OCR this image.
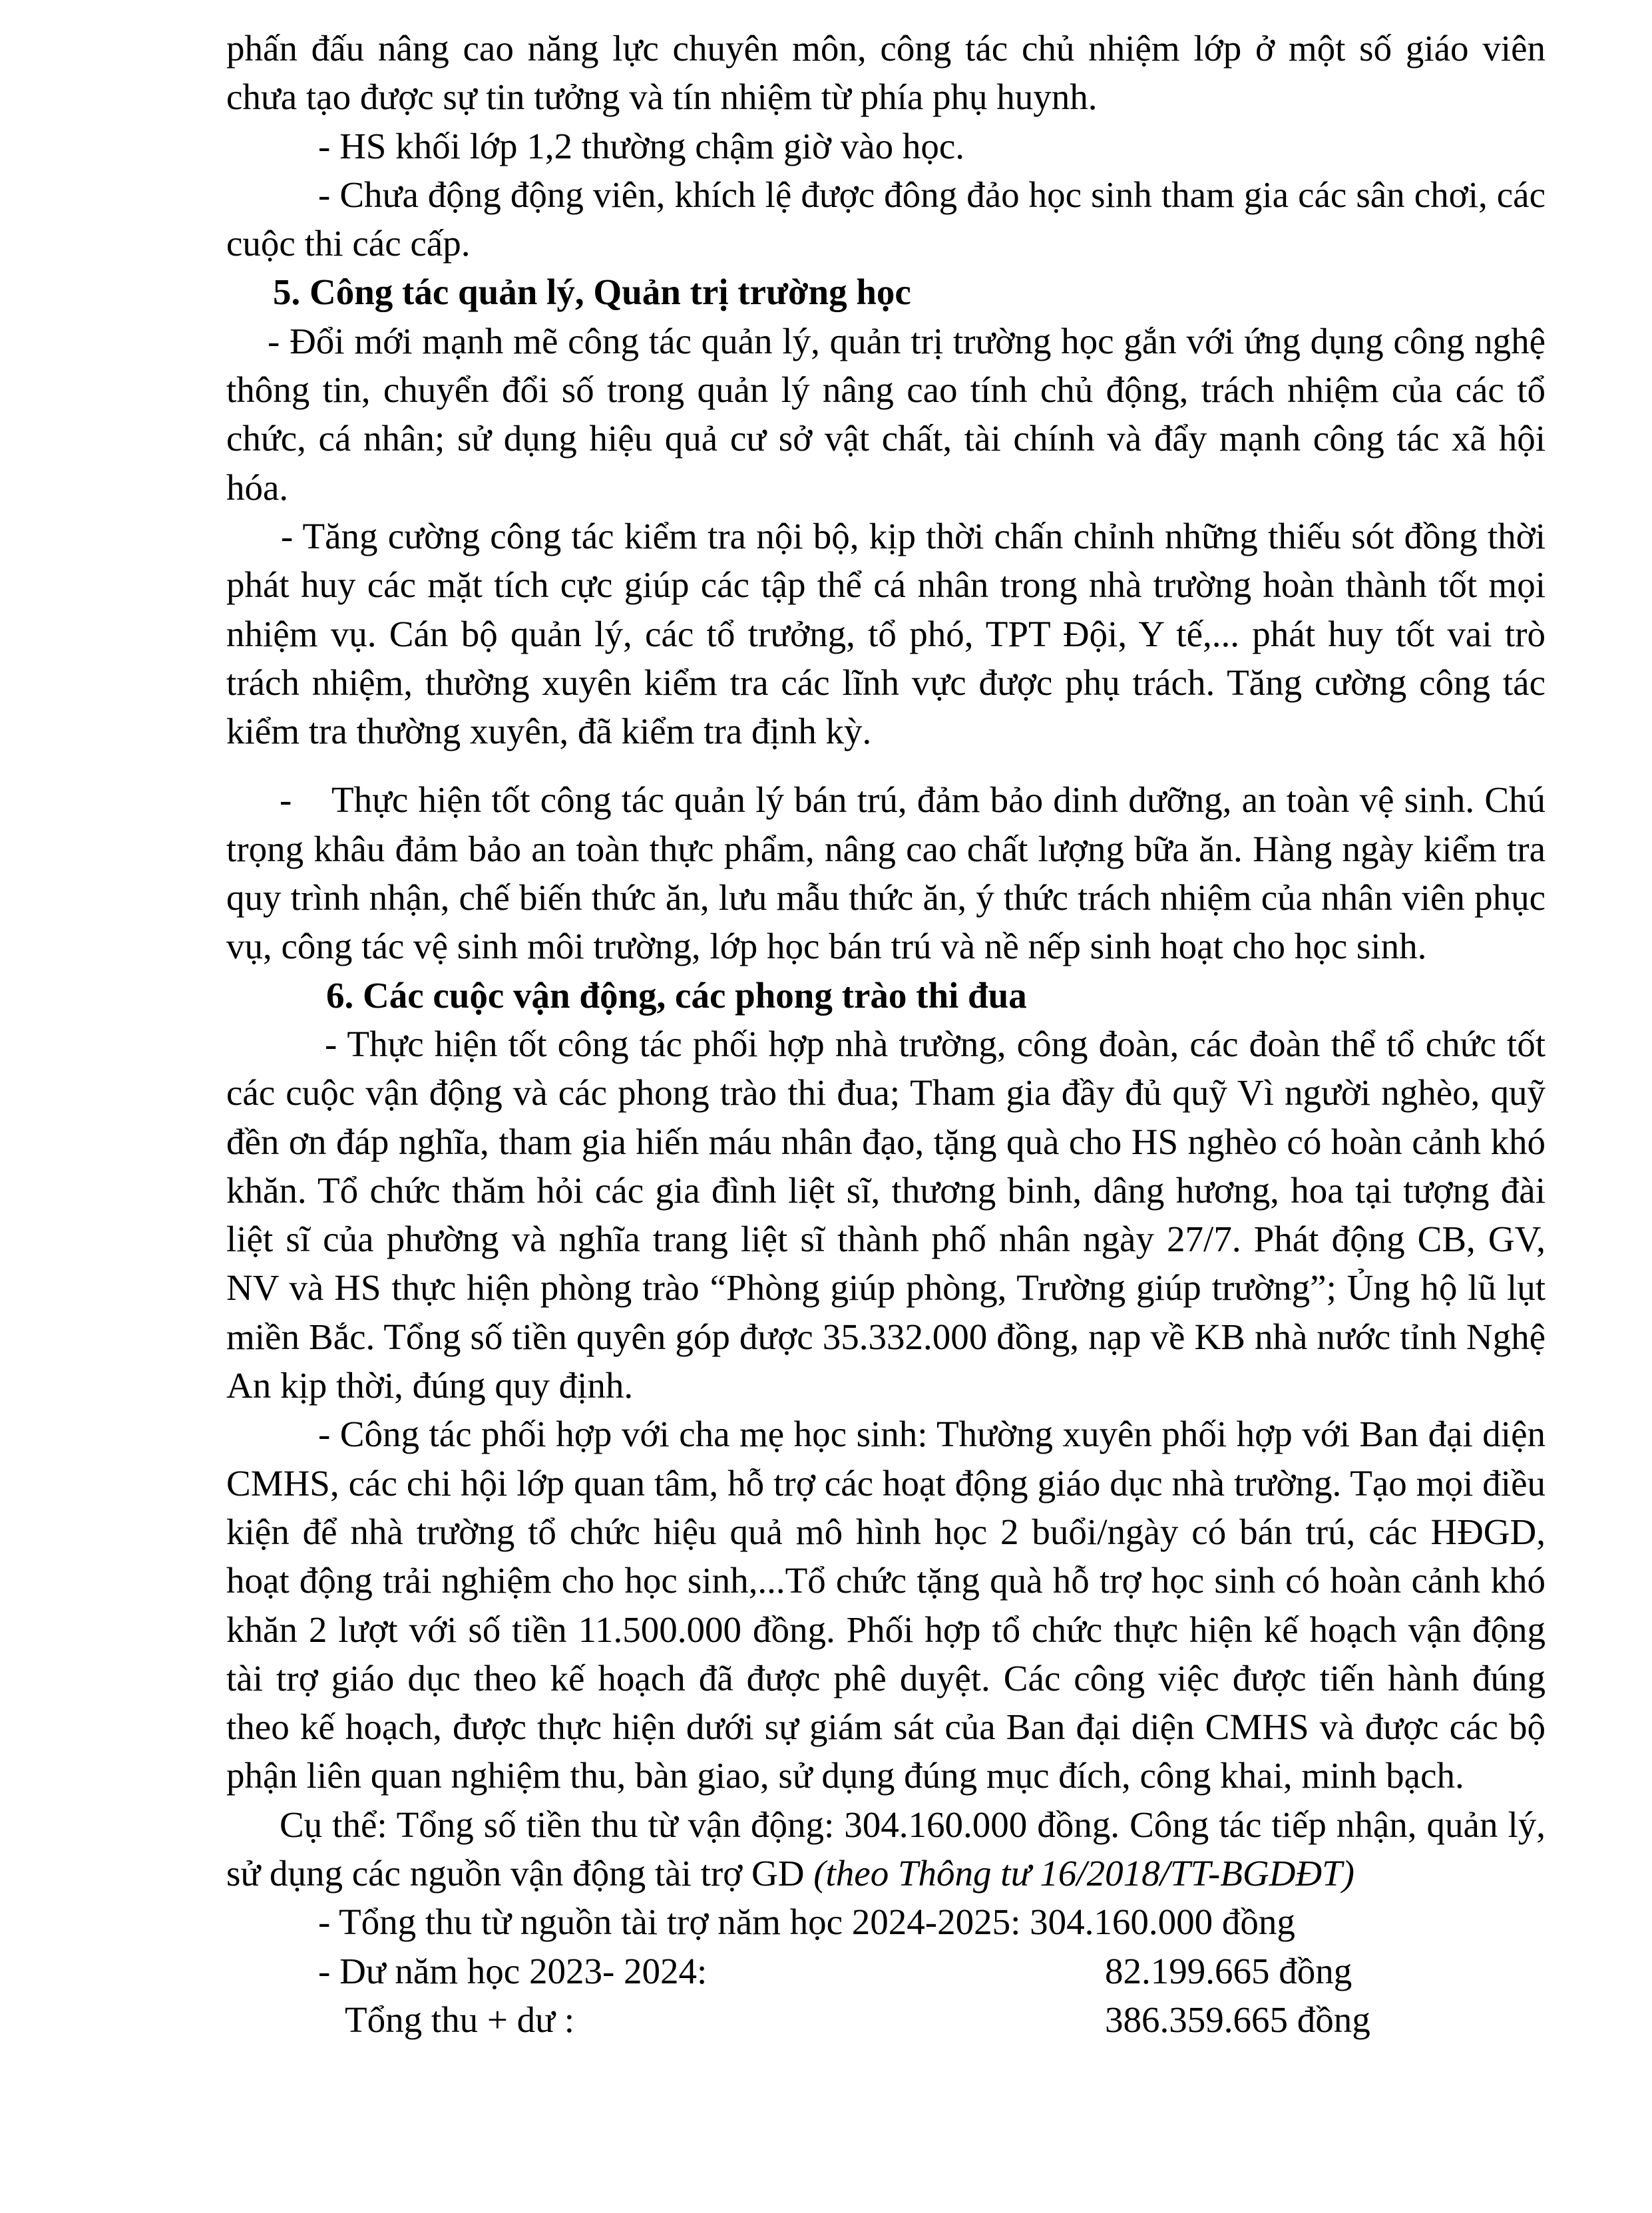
phấn đấu nâng cao năng lực chuyên môn, công tác chủ nhiệm lớp ở một số giáo viên chưa tạo được sự tin tưởng và tín nhiệm từ phía phụ huynh.

- HS khối lớp 1,2 thường chậm giờ vào học.

- Chưa động động viên, khích lệ được đông đảo học sinh tham gia các sân chơi, các cuộc thi các cấp.

5. Công tác quản lý, Quản trị trường học

- Đổi mới mạnh mẽ công tác quản lý, quản trị trường học gắn với ứng dụng công nghệ thông tin, chuyển đổi số trong quản lý nâng cao tính chủ động, trách nhiệm của các tổ chức, cá nhân; sử dụng hiệu quả cư sở vật chất, tài chính và đẩy mạnh công tác xã hội hóa.

- Tăng cường công tác kiểm tra nội bộ, kịp thời chấn chỉnh những thiếu sót đồng thời phát huy các mặt tích cực giúp các tập thể cá nhân trong nhà trường hoàn thành tốt mọi nhiệm vụ. Cán bộ quản lý, các tổ trưởng, tổ phó, TPT Đội, Y tế,... phát huy tốt vai trò trách nhiệm, thường xuyên kiểm tra các lĩnh vực được phụ trách. Tăng cường công tác kiểm tra thường xuyên, đã kiểm tra định kỳ.

- Thực hiện tốt công tác quản lý bán trú, đảm bảo dinh dưỡng, an toàn vệ sinh. Chú trọng khâu đảm bảo an toàn thực phẩm, nâng cao chất lượng bữa ăn. Hàng ngày kiểm tra quy trình nhận, chế biến thức ăn, lưu mẫu thức ăn, ý thức trách nhiệm của nhân viên phục vụ, công tác vệ sinh môi trường, lớp học bán trú và nề nếp sinh hoạt cho học sinh.

6. Các cuộc vận động, các phong trào thi đua

- Thực hiện tốt công tác phối hợp nhà trường, công đoàn, các đoàn thể tổ chức tốt các cuộc vận động và các phong trào thi đua; Tham gia đầy đủ quỹ Vì người nghèo, quỹ đền ơn đáp nghĩa, tham gia hiến máu nhân đạo, tặng quà cho HS nghèo có hoàn cảnh khó khăn. Tổ chức thăm hỏi các gia đình liệt sĩ, thương binh, dâng hương, hoa tại tượng đài liệt sĩ của phường và nghĩa trang liệt sĩ thành phố nhân ngày 27/7. Phát động CB, GV, NV và HS thực hiện phòng trào “Phòng giúp phòng, Trường giúp trường”; Ủng hộ lũ lụt miền Bắc. Tổng số tiền quyên góp được 35.332.000 đồng, nạp về KB nhà nước tỉnh Nghệ An kịp thời, đúng quy định.

- Công tác phối hợp với cha mẹ học sinh: Thường xuyên phối hợp với Ban đại diện CMHS, các chi hội lớp quan tâm, hỗ trợ các hoạt động giáo dục nhà trường. Tạo mọi điều kiện để nhà trường tổ chức hiệu quả mô hình học 2 buổi/ngày có bán trú, các HĐGD, hoạt động trải nghiệm cho học sinh,...Tổ chức tặng quà hỗ trợ học sinh có hoàn cảnh khó khăn 2 lượt với số tiền 11.500.000 đồng. Phối hợp tổ chức thực hiện kế hoạch vận động tài trợ giáo dục theo kế hoạch đã được phê duyệt. Các công việc được tiến hành đúng theo kế hoạch, được thực hiện dưới sự giám sát của Ban đại diện CMHS và được các bộ phận liên quan nghiệm thu, bàn giao, sử dụng đúng mục đích, công khai, minh bạch.

Cụ thể: Tổng số tiền thu từ vận động: 304.160.000 đồng. Công tác tiếp nhận, quản lý, sử dụng các nguồn vận động tài trợ GD (theo Thông tư 16/2018/TT-BGDĐT)

- Tổng thu từ nguồn tài trợ năm học 2024-2025: 304.160.000 đồng
- Dư năm học 2023- 2024:	82.199.665 đồng
Tổng thu + dư :	386.359.665 đồng
